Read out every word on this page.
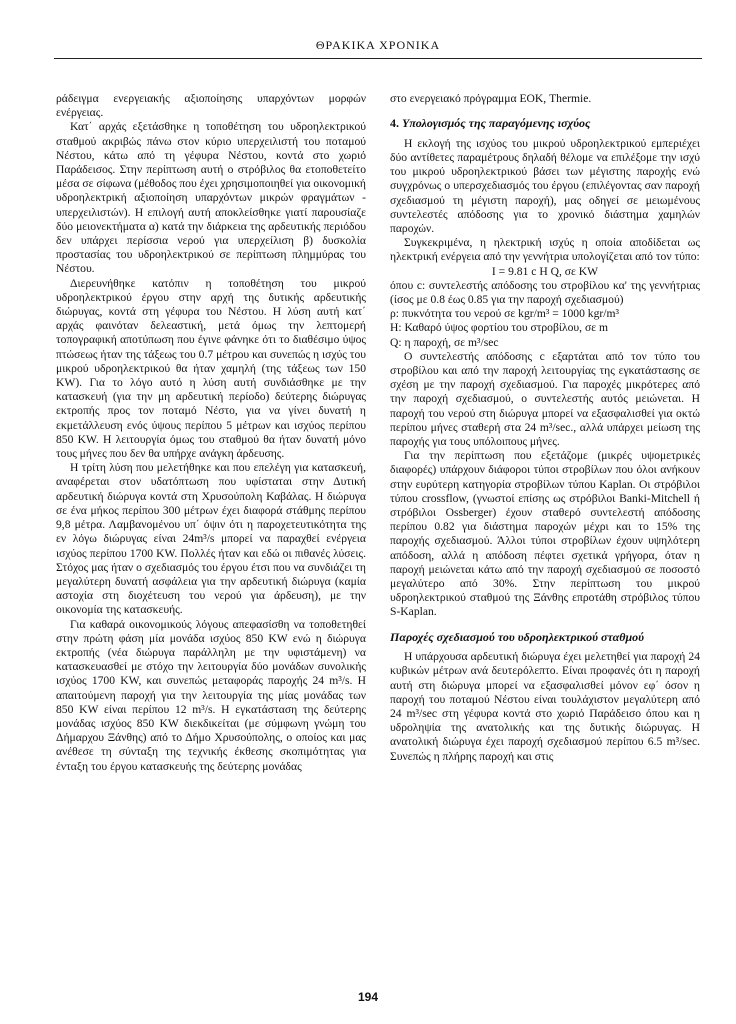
ΘΡΑΚΙΚΑ ΧΡΟΝΙΚΑ

ράδειγμα ενεργειακής αξιοποίησης υπαρχόντων μορφών ενέργειας.

Κατ΄ αρχάς εξετάσθηκε η τοποθέτηση του υδροηλεκτρικού σταθμού ακριβώς πάνω στον κύριο υπερχειλιστή του ποταμού Νέστου, κάτω από τη γέφυρα Νέστου, κοντά στο χωριό Παράδεισος. Στην περίπτωση αυτή ο στρόβιλος θα ετοποθετείτο μέσα σε σίφωνα (μέθοδος που έχει χρησιμοποιηθεί για οικονομική υδροηλεκτρική αξιοποίηση υπαρχόντων μικρών φραγμάτων - υπερχειλιστών). Η επιλογή αυτή αποκλείσθηκε γιατί παρουσίαζε δύο μειονεκτήματα α) κατά την διάρκεια της αρδευτικής περιόδου δεν υπάρχει περίσσια νερού για υπερχείλιση β) δυσκολία προστασίας του υδροηλεκτρικού σε περίπτωση πλημμύρας του Νέστου.

Διερευνήθηκε κατόπιν η τοποθέτηση του μικρού υδροηλεκτρικού έργου στην αρχή της δυτικής αρδευτικής διώρυγας, κοντά στη γέφυρα του Νέστου. Η λύση αυτή κατ΄ αρχάς φαινόταν δελεαστική, μετά όμως την λεπτομερή τοπογραφική αποτύπωση που έγινε φάνηκε ότι το διαθέσιμο ύψος πτώσεως ήταν της τάξεως του 0.7 μέτρου και συνεπώς η ισχύς του μικρού υδροηλεκτρικού θα ήταν χαμηλή (της τάξεως των 150 KW). Για το λόγο αυτό η λύση αυτή συνδιάσθηκε με την κατασκευή (για την μη αρδευτική περίοδο) δεύτερης διώρυγας εκτροπής προς τον ποταμό Νέστο, για να γίνει δυνατή η εκμετάλλευση ενός ύψους περίπου 5 μέτρων και ισχύος περίπου 850 KW. Η λειτουργία όμως του σταθμού θα ήταν δυνατή μόνο τους μήνες που δεν θα υπήρχε ανάγκη άρδευσης.

Η τρίτη λύση που μελετήθηκε και που επελέγη για κατασκευή, αναφέρεται στον υδατόπτωση που υφίσταται στην Δυτική αρδευτική διώρυγα κοντά στη Χρυσούπολη Καβάλας. Η διώρυγα σε ένα μήκος περίπου 300 μέτρων έχει διαφορά στάθμης περίπου 9,8 μέτρα. Λαμβανομένου υπ΄ όψιν ότι η παροχετευτικότητα της εν λόγω διώρυγας είναι 24m³/s μπορεί να παραχθεί ενέργεια ισχύος περίπου 1700 KW. Πολλές ήταν και εδώ οι πιθανές λύσεις. Στόχος μας ήταν ο σχεδιασμός του έργου έτσι που να συνδιάζει τη μεγαλύτερη δυνατή ασφάλεια για την αρδευτική διώρυγα (καμία αστοχία στη διοχέτευση του νερού για άρδευση), με την οικονομία της κατασκευής.

Για καθαρά οικονομικούς λόγους απεφασίσθη να τοποθετηθεί στην πρώτη φάση μία μονάδα ισχύος 850 KW ενώ η διώρυγα εκτροπής (νέα διώρυγα παράλληλη με την υφιστάμενη) να κατασκευασθεί με στόχο την λειτουργία δύο μονάδων συνολικής ισχύος 1700 KW, και συνεπώς μεταφοράς παροχής 24 m³/s. Η απαιτούμενη παροχή για την λειτουργία της μίας μονάδας των 850 KW είναι περίπου 12 m³/s. Η εγκατάσταση της δεύτερης μονάδας ισχύος 850 KW διεκδικείται (με σύμφωνη γνώμη του Δήμαρχου Ξάνθης) από το Δήμο Χρυσούπολης, ο οποίος και μας ανέθεσε τη σύνταξη της τεχνικής έκθεσης σκοπιμότητας για ένταξη του έργου κατασκευής της δεύτερης μονάδας

στο ενεργειακό πρόγραμμα ΕΟΚ, Thermie.

4. Υπολογισμός της παραγόμενης ισχύος

Η εκλογή της ισχύος του μικρού υδροηλεκτρικού εμπεριέχει δύο αντίθετες παραμέτρους δηλαδή θέλομε να επιλέξομε την ισχύ του μικρού υδροηλεκτρικού βάσει των μέγιστης παροχής ενώ συγχρόνως ο υπερσχεδιασμός του έργου (επιλέγοντας σαν παροχή σχεδιασμού τη μέγιστη παροχή), μας οδηγεί σε μειωμένους συντελεστές απόδοσης για το χρονικό διάστημα χαμηλών παροχών.

Συγκεκριμένα, η ηλεκτρική ισχύς η οποία αποδίδεται ως ηλεκτρική ενέργεια από την γεννήτρια υπολογίζεται από τον τύπο:

I = 9.81 c H Q, σε KW

όπου c: συντελεστής απόδοσης του στροβίλου κα' της γεννήτριας (ίσος με 0.8 έως 0.85 για την παροχή σχεδιασμού)

ρ: πυκνότητα του νερού σε kgr/m³ = 1000 kgr/m³

H: Καθαρό ύψος φορτίου του στροβίλου, σε m

Q: η παροχή, σε m³/sec

Ο συντελεστής απόδοσης c εξαρτάται από τον τύπο του στροβίλου και από την παροχή λειτουργίας της εγκατάστασης σε σχέση με την παροχή σχεδιασμού. Για παροχές μικρότερες από την παροχή σχεδιασμού, ο συντελεστής αυτός μειώνεται. Η παροχή του νερού στη διώρυγα μπορεί να εξασφαλισθεί για οκτώ περίπου μήνες σταθερή στα 24 m³/sec., αλλά υπάρχει μείωση της παροχής για τους υπόλοιπους μήνες.

Για την περίπτωση που εξετάζομε (μικρές υψομετρικές διαφορές) υπάρχουν διάφοροι τύποι στροβίλων που όλοι ανήκουν στην ευρύτερη κατηγορία στροβίλων τύπου Kaplan. Οι στρόβιλοι τύπου crossflow, (γνωστοί επίσης ως στρόβιλοι Banki-Mitchell ή στρόβιλοι Ossberger) έχουν σταθερό συντελεστή απόδοσης περίπου 0.82 για διάστημα παροχών μέχρι και το 15% της παροχής σχεδιασμού. Άλλοι τύποι στροβίλων έχουν υψηλότερη απόδοση, αλλά η απόδοση πέφτει σχετικά γρήγορα, όταν η παροχή μειώνεται κάτω από την παροχή σχεδιασμού σε ποσοστό μεγαλύτερο από 30%. Στην περίπτωση του μικρού υδροηλεκτρικού σταθμού της Ξάνθης επροτάθη στρόβιλος τύπου S-Kaplan.

Παροχές σχεδιασμού του υδροηλεκτρικού σταθμού

Η υπάρχουσα αρδευτική διώρυγα έχει μελετηθεί για παροχή 24 κυβικών μέτρων ανά δευτερόλεπτο. Είναι προφανές ότι η παροχή αυτή στη διώρυγα μπορεί να εξασφαλισθεί μόνον εφ΄ όσον η παροχή του ποταμού Νέστου είναι τουλάχιστον μεγαλύτερη από 24 m³/sec στη γέφυρα κοντά στο χωριό Παράδεισο όπου και η υδροληψία της ανατολικής και της δυτικής διώρυγας. Η ανατολική διώρυγα έχει παροχή σχεδιασμού περίπου 6.5 m³/sec. Συνεπώς η πλήρης παροχή και στις

194
